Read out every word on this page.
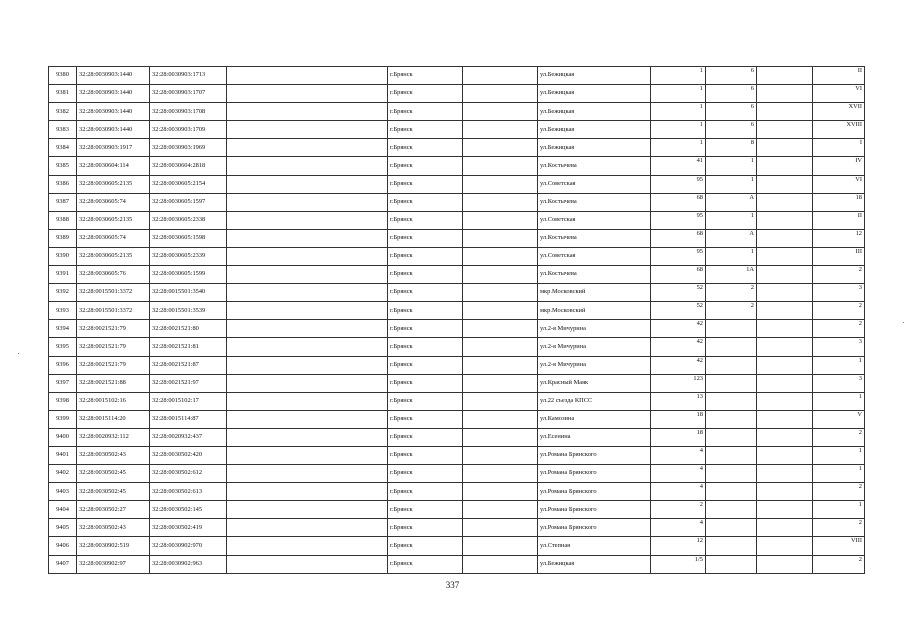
9380	32:28:0030903:1440	32:28:0030903:1713		г.Брянск		ул.Бежицкая	1	6		II
9381	32:28:0030903:1440	32:28:0030903:1707		г.Брянск		ул.Бежицкая	1	6		VI
9382	32:28:0030903:1440	32:28:0030903:1708		г.Брянск		ул.Бежицкая	1	6		XVII
9383	32:28:0030903:1440	32:28:0030903:1709		г.Брянск		ул.Бежицкая	1	6		XVIII
9384	32:28:0030903:1917	32:28:0030903:1969		г.Брянск		ул.Бежицкая	1	8		I
9385	32:28:0030604:114	32:28:0030604:2818		г.Брянск		ул.Костычева	41	1		IV
9386	32:28:0030605:2135	32:28:0030605:2154		г.Брянск		ул.Советская	95	1		VI
9387	32:28:0030605:74	32:28:0030605:1597		г.Брянск		ул.Костычева	68	А		18
9388	32:28:0030605:2135	32:28:0030605:2338		г.Брянск		ул.Советская	95	1		II
9389	32:28:0030605:74	32:28:0030605:1598		г.Брянск		ул.Костычева	68	А		12
9390	32:28:0030605:2135	32:28:0030605:2339		г.Брянск		ул.Советская	95	1		III
9391	32:28:0030605:76	32:28:0030605:1599		г.Брянск		ул.Костычева	68	1А		2
9392	32:28:0015501:3372	32:28:0015501:3540		г.Брянск		мкр.Московский	52	2		3
9393	32:28:0015501:3372	32:28:0015501:3539		г.Брянск		мкр.Московский	52	2		2
9394	32:28:0021521:79	32:28:0021521:80		г.Брянск		ул.2-я Мичурина	42			2
9395	32:28:0021521:79	32:28:0021521:81		г.Брянск		ул.2-я Мичурина	42			3
9396	32:28:0021521:79	32:28:0021521:87		г.Брянск		ул.2-я Мичурина	42			1
9397	32:28:0021521:88	32:28:0021521:97		г.Брянск		ул.Красный Маяк	123			3
9398	32:28:0015102:16	32:28:0015102:17		г.Брянск		ул.22 съезда КПСС	13			1
9399	32:28:0015114:20	32:28:0015114:87		г.Брянск		ул.Камозина	18			V
9400	32:28:0020932:112	32:28:0020932:437		г.Брянск		ул.Есенина	18			2
9401	32:28:0030502:43	32:28:0030502:420		г.Брянск		ул.Романа Брянского	4			1
9402	32:28:0030502:45	32:28:0030502:612		г.Брянск		ул.Романа Брянского	4			1
9403	32:28:0030502:45	32:28:0030502:613		г.Брянск		ул.Романа Брянского	4			2
9404	32:28:0030502:27	32:28:0030502:145		г.Брянск		ул.Романа Брянского	2			1
9405	32:28:0030502:43	32:28:0030502:419		г.Брянск		ул.Романа Брянского	4			2
9406	32:28:0030902:519	32:28:0030902:970		г.Брянск		ул.Степная	12			VIII
9407	32:28:0030902:97	32:28:0030902:963		г.Брянск		ул.Бежицкая	1/5			2
337
